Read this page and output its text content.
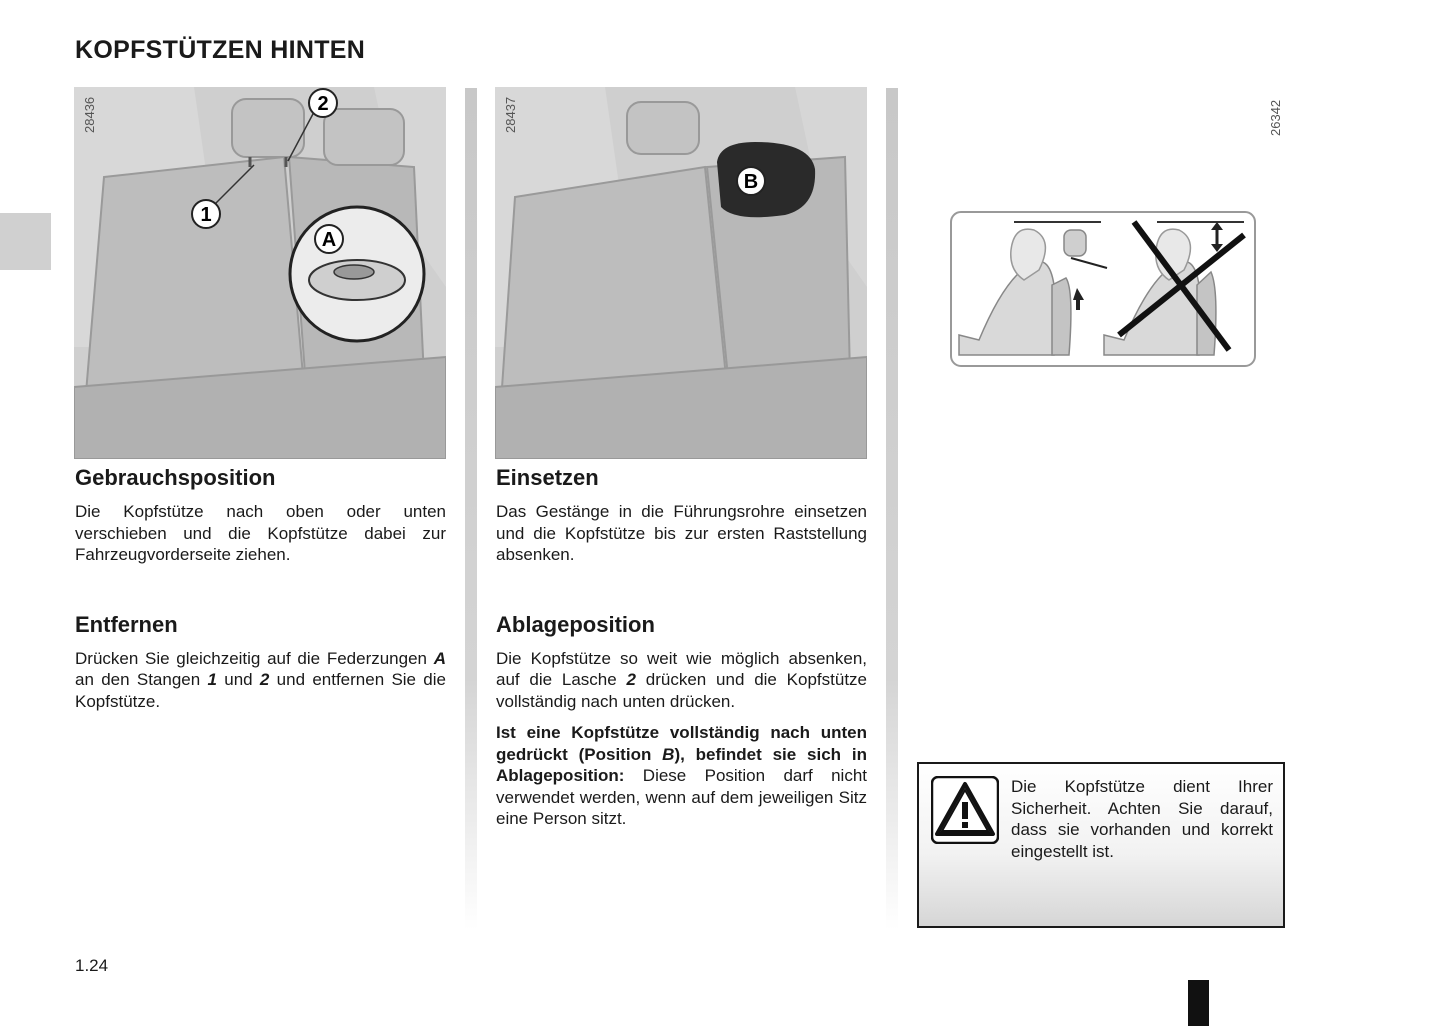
KOPFSTÜTZEN HINTEN
28436
1
2
A
28437
B
26342
Gebrauchsposition

Die Kopfstütze nach oben oder unten verschieben und die Kopfstütze dabei zur Fahrzeugvorderseite ziehen.

Entfernen

Drücken Sie gleichzeitig auf die Federzungen A an den Stangen 1 und 2 und entfernen Sie die Kopfstütze.

Einsetzen

Das Gestänge in die Führungsrohre einsetzen und die Kopfstütze bis zur ersten Raststellung absenken.

Ablageposition

Die Kopfstütze so weit wie möglich absenken, auf die Lasche 2 drücken und die Kopfstütze vollständig nach unten drücken.

Ist eine Kopfstütze vollständig nach unten gedrückt (Position B), befindet sie sich in Ablageposition: Diese Position darf nicht verwendet werden, wenn auf dem jeweiligen Sitz eine Person sitzt.

Die Kopfstütze dient Ihrer Sicherheit. Achten Sie darauf, dass sie vorhanden und korrekt eingestellt ist.
1.24
